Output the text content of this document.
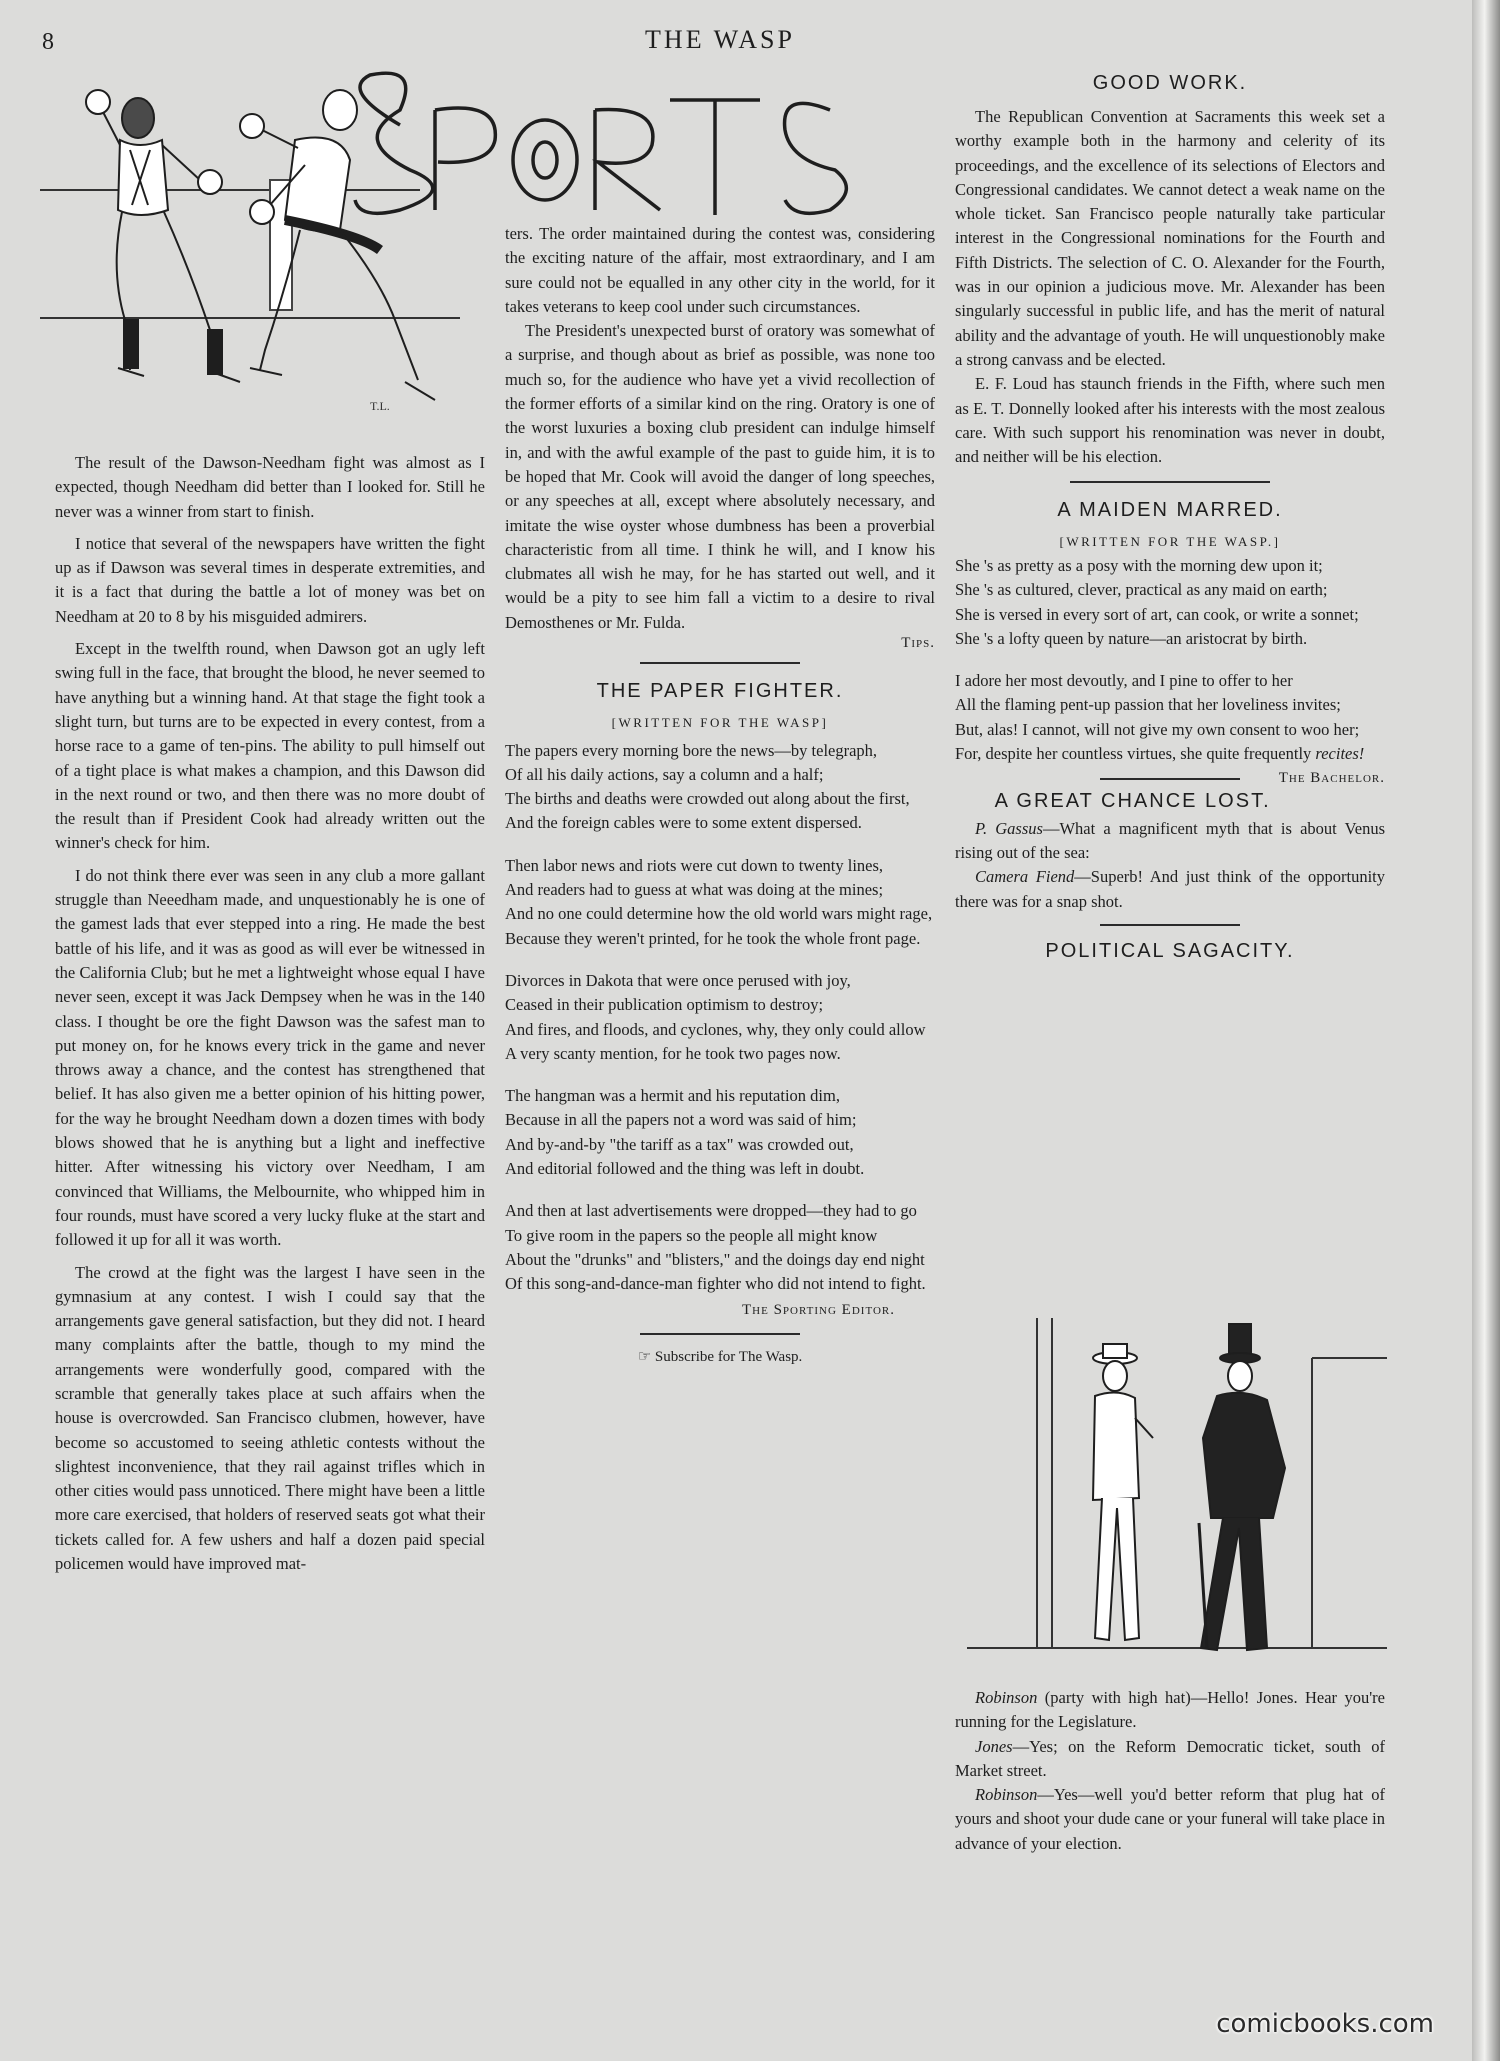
8	THE WASP
T.L.

The result of the Dawson-Needham fight was almost as I expected, though Needham did better than I looked for. Still he never was a winner from start to finish.

I notice that several of the newspapers have written the fight up as if Dawson was several times in desperate extremities, and it is a fact that during the battle a lot of money was bet on Needham at 20 to 8 by his misguided admirers.

Except in the twelfth round, when Dawson got an ugly left swing full in the face, that brought the blood, he never seemed to have anything but a winning hand. At that stage the fight took a slight turn, but turns are to be expected in every contest, from a horse race to a game of ten-pins. The ability to pull himself out of a tight place is what makes a champion, and this Dawson did in the next round or two, and then there was no more doubt of the result than if President Cook had already written out the winner's check for him.

I do not think there ever was seen in any club a more gallant struggle than Neeedham made, and unquestionably he is one of the gamest lads that ever stepped into a ring. He made the best battle of his life, and it was as good as will ever be witnessed in the California Club; but he met a lightweight whose equal I have never seen, except it was Jack Dempsey when he was in the 140 class. I thought be ore the fight Dawson was the safest man to put money on, for he knows every trick in the game and never throws away a chance, and the contest has strengthened that belief. It has also given me a better opinion of his hitting power, for the way he brought Needham down a dozen times with body blows showed that he is anything but a light and ineffective hitter. After witnessing his victory over Needham, I am convinced that Williams, the Melbournite, who whipped him in four rounds, must have scored a very lucky fluke at the start and followed it up for all it was worth.

The crowd at the fight was the largest I have seen in the gymnasium at any contest. I wish I could say that the arrangements gave general satisfaction, but they did not. I heard many complaints after the battle, though to my mind the arrangements were wonderfully good, compared with the scramble that generally takes place at such affairs when the house is overcrowded. San Francisco clubmen, however, have become so accustomed to seeing athletic contests without the slightest inconvenience, that they rail against trifles which in other cities would pass unnoticed. There might have been a little more care exercised, that holders of reserved seats got what their tickets called for. A few ushers and half a dozen paid special policemen would have improved mat-

ters. The order maintained during the contest was, considering the exciting nature of the affair, most extraordinary, and I am sure could not be equalled in any other city in the world, for it takes veterans to keep cool under such circumstances.

The President's unexpected burst of oratory was somewhat of a surprise, and though about as brief as possible, was none too much so, for the audience who have yet a vivid recollection of the former efforts of a similar kind on the ring. Oratory is one of the worst luxuries a boxing club president can indulge himself in, and with the awful example of the past to guide him, it is to be hoped that Mr. Cook will avoid the danger of long speeches, or any speeches at all, except where absolutely necessary, and imitate the wise oyster whose dumbness has been a proverbial characteristic from all time. I think he will, and I know his clubmates all wish he may, for he has started out well, and it would be a pity to see him fall a victim to a desire to rival Demosthenes or Mr. Fulda.

Tips.
THE PAPER FIGHTER.
[WRITTEN FOR THE WASP]
The papers every morning bore the news—by telegraph,
Of all his daily actions, say a column and a half;
The births and deaths were crowded out along about the first,
And the foreign cables were to some extent dispersed.
Then labor news and riots were cut down to twenty lines,
And readers had to guess at what was doing at the mines;
And no one could determine how the old world wars might rage,
Because they weren't printed, for he took the whole front page.
Divorces in Dakota that were once perused with joy,
Ceased in their publication optimism to destroy;
And fires, and floods, and cyclones, why, they only could allow
A very scanty mention, for he took two pages now.
The hangman was a hermit and his reputation dim,
Because in all the papers not a word was said of him;
And by-and-by "the tariff as a tax" was crowded out,
And editorial followed and the thing was left in doubt.
And then at last advertisements were dropped—they had to go
To give room in the papers so the people all might know
About the "drunks" and "blisters," and the doings day end night
Of this song-and-dance-man fighter who did not intend to fight.
The Sporting Editor.
☞ Subscribe for The Wasp.
GOOD WORK.

The Republican Convention at Sacraments this week set a worthy example both in the harmony and celerity of its proceedings, and the excellence of its selections of Electors and Congressional candidates. We cannot detect a weak name on the whole ticket. San Francisco people naturally take particular interest in the Congressional nominations for the Fourth and Fifth Districts. The selection of C. O. Alexander for the Fourth, was in our opinion a judicious move. Mr. Alexander has been singularly successful in public life, and has the merit of natural ability and the advantage of youth. He will unquestionobly make a strong canvass and be elected.

E. F. Loud has staunch friends in the Fifth, where such men as E. T. Donnelly looked after his interests with the most zealous care. With such support his renomination was never in doubt, and neither will be his election.

A MAIDEN MARRED.
[WRITTEN FOR THE WASP.]
She 's as pretty as a posy with the morning dew upon it;
She 's as cultured, clever, practical as any maid on earth;
She is versed in every sort of art, can cook, or write a sonnet;
She 's a lofty queen by nature—an aristocrat by birth.
I adore her most devoutly, and I pine to offer to her
All the flaming pent-up passion that her loveliness invites;
But, alas! I cannot, will not give my own consent to woo her;
For, despite her countless virtues, she quite frequently recites!
The Bachelor.
A GREAT CHANCE LOST.
P. Gassus—What a magnificent myth that is about Venus rising out of the sea:
Camera Fiend—Superb! And just think of the opportunity there was for a snap shot.
POLITICAL SAGACITY.
Robinson (party with high hat)—Hello! Jones. Hear you're running for the Legislature.
Jones—Yes; on the Reform Democratic ticket, south of Market street.
Robinson—Yes—well you'd better reform that plug hat of yours and shoot your dude cane or your funeral will take place in advance of your election.
comicbooks.com
